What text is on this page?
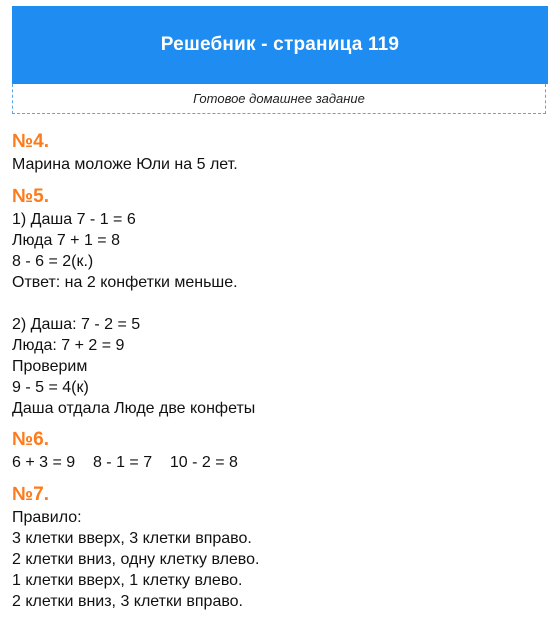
Решебник - страница 119
Готовое домашнее задание
№4.
Марина моложе Юли на 5 лет.
№5.
1) Даша 7 - 1 = 6
Люда 7 + 1 = 8
8 - 6 = 2(к.)
Ответ: на 2 конфетки меньше.
2) Даша: 7 - 2 = 5
Люда: 7 + 2 = 9
Проверим
9 - 5 = 4(к)
Даша отдала Люде две конфеты
№6.
6 + 3 = 9    8 - 1 = 7    10 - 2 = 8
№7.
Правило:
3 клетки вверх, 3 клетки вправо.
2 клетки вниз, одну клетку влево.
1 клетки вверх, 1 клетку влево.
2 клетки вниз, 3 клетки вправо.
